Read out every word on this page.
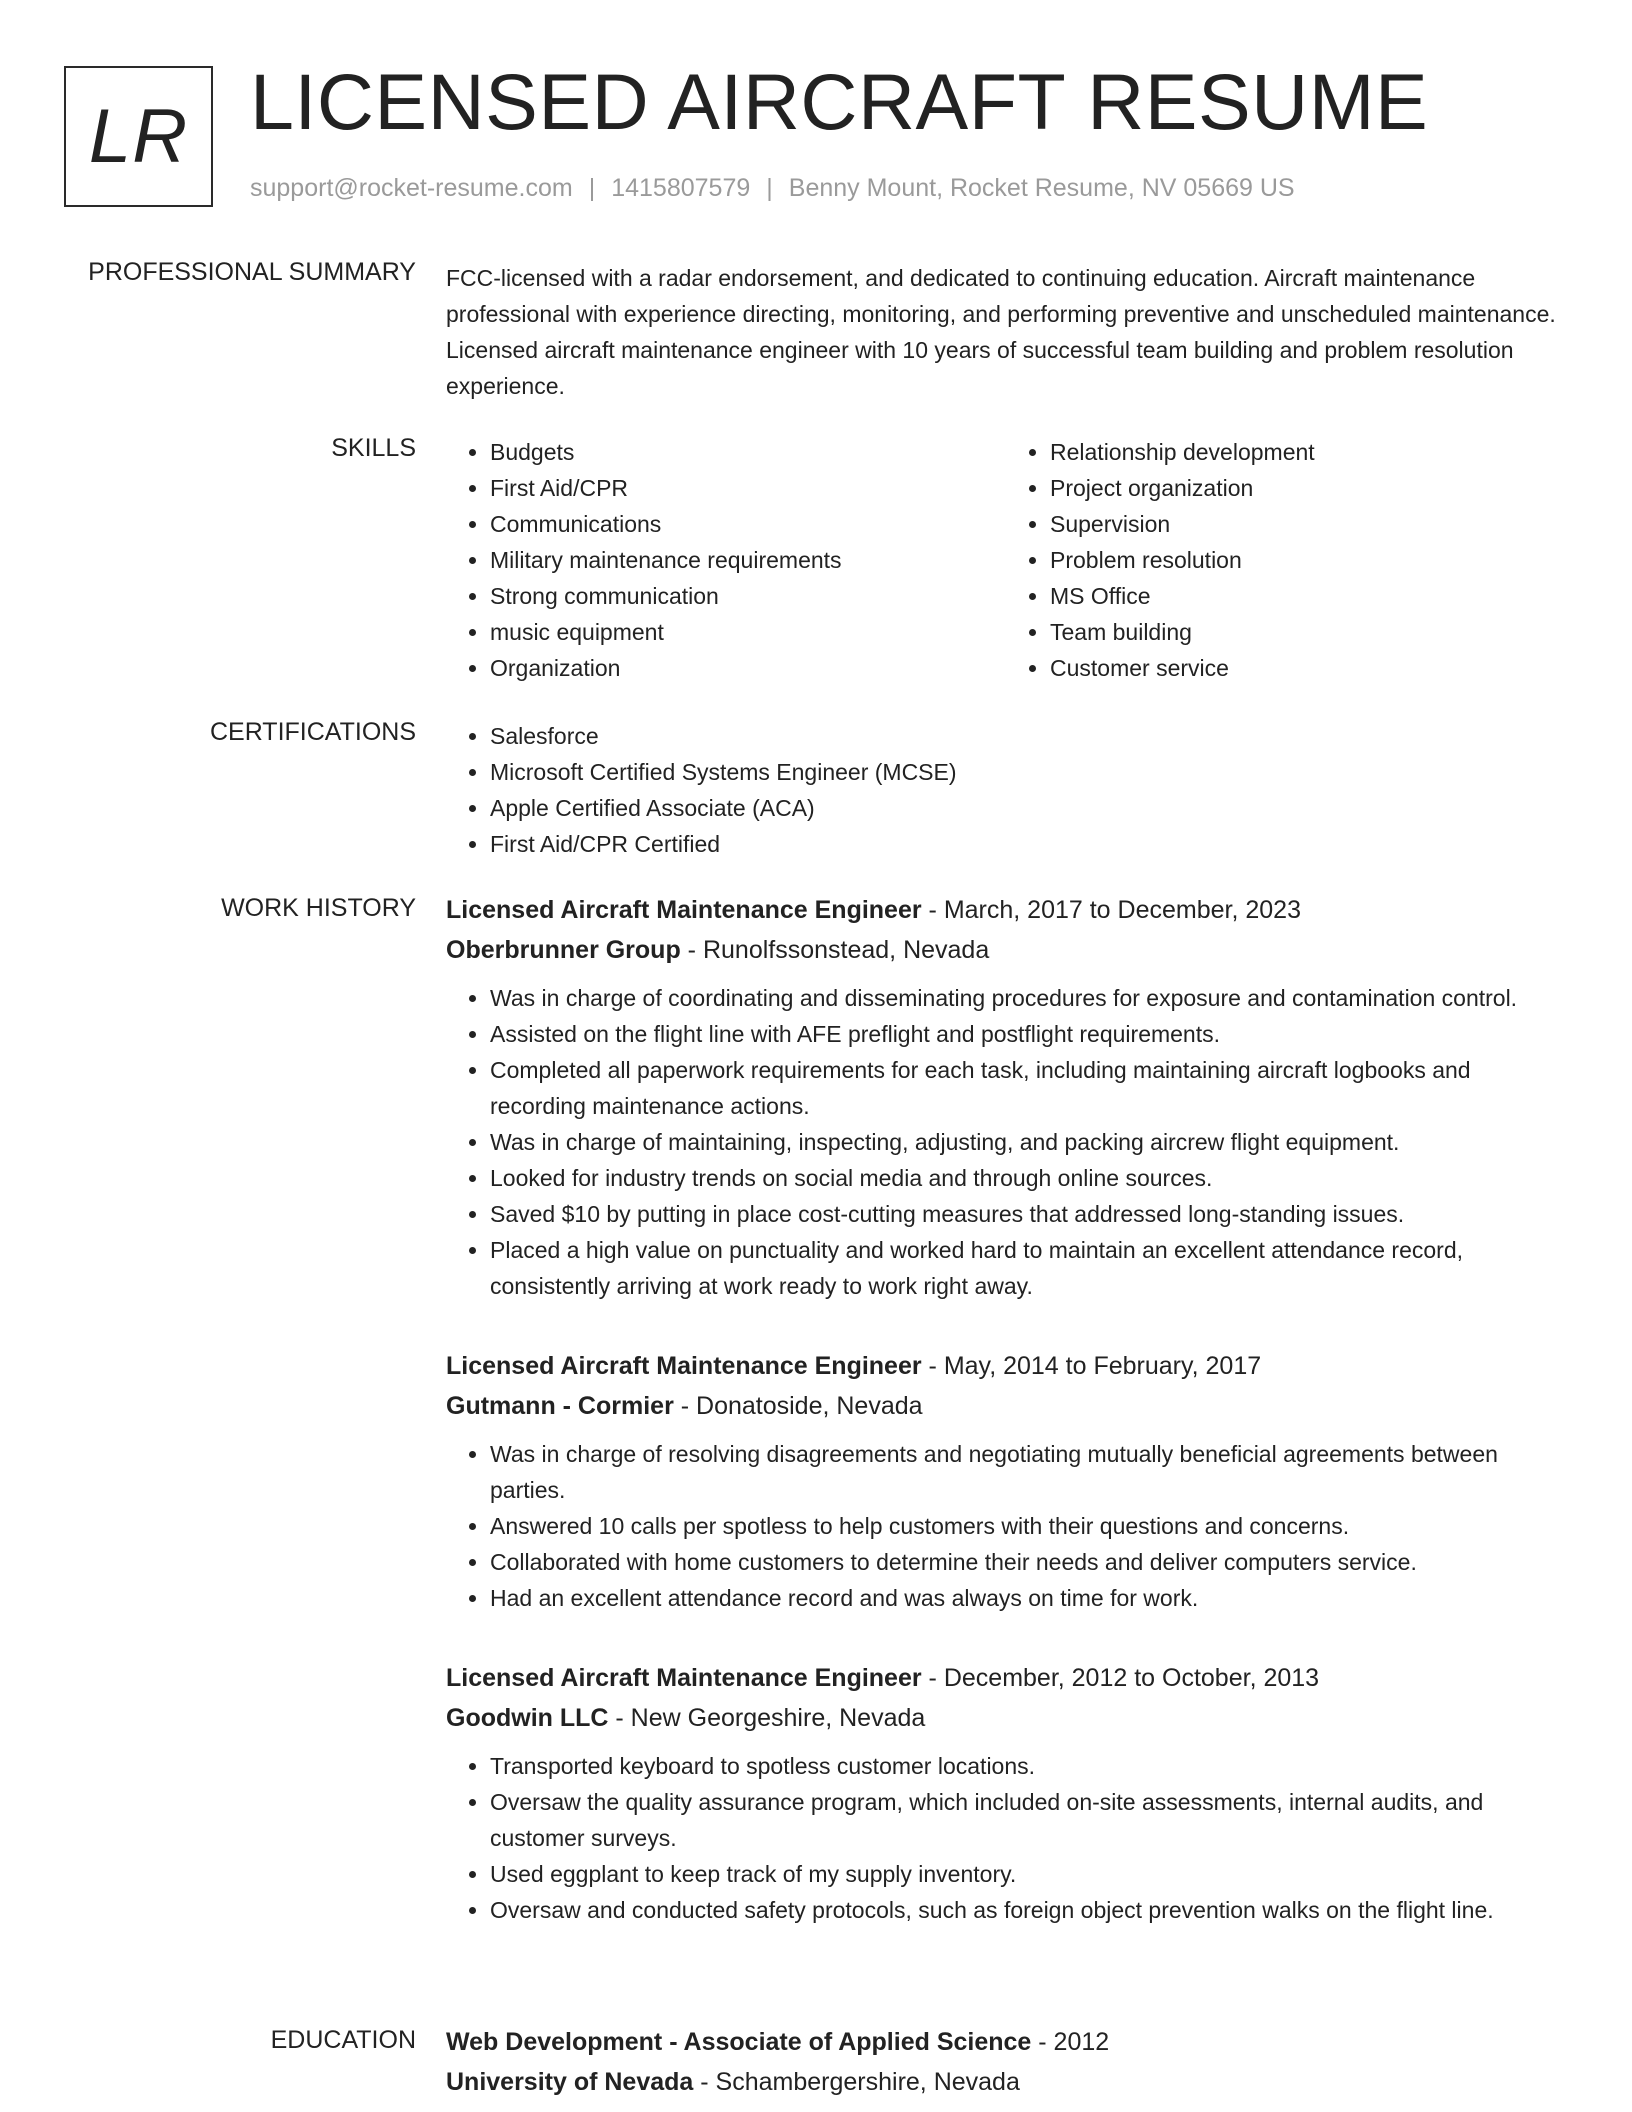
LR LICENSED AIRCRAFT RESUME
support@rocket-resume.com | 1415807579 | Benny Mount, Rocket Resume, NV 05669 US
PROFESSIONAL SUMMARY FCC-licensed with a radar endorsement, and dedicated to continuing education. Aircraft maintenance professional with experience directing, monitoring, and performing preventive and unscheduled maintenance. Licensed aircraft maintenance engineer with 10 years of successful team building and problem resolution experience.
SKILLS	• Budgets
• First Aid/CPR
• Communications
• Military maintenance requirements
• Strong communication
• music equipment
• Organization
• Relationship development
• Project organization
• Supervision
• Problem resolution
• MS Office
• Team building
• Customer service
CERTIFICATIONS	• Salesforce
• Microsoft Certified Systems Engineer (MCSE)
• Apple Certified Associate (ACA)
• First Aid/CPR Certified
WORK HISTORY Licensed Aircraft Maintenance Engineer - March, 2017 to December, 2023
Oberbrunner Group - Runolfssonstead, Nevada
• Was in charge of coordinating and disseminating procedures for exposure and contamination control.
• Assisted on the flight line with AFE preflight and postflight requirements.
• Completed all paperwork requirements for each task, including maintaining aircraft logbooks and recording maintenance actions.
• Was in charge of maintaining, inspecting, adjusting, and packing aircrew flight equipment.
• Looked for industry trends on social media and through online sources.
• Saved $10 by putting in place cost-cutting measures that addressed long-standing issues.
• Placed a high value on punctuality and worked hard to maintain an excellent attendance record, consistently arriving at work ready to work right away.
Licensed Aircraft Maintenance Engineer - May, 2014 to February, 2017
Gutmann - Cormier - Donatoside, Nevada
• Was in charge of resolving disagreements and negotiating mutually beneficial agreements between parties.
• Answered 10 calls per spotless to help customers with their questions and concerns.
• Collaborated with home customers to determine their needs and deliver computers service.
• Had an excellent attendance record and was always on time for work.
Licensed Aircraft Maintenance Engineer - December, 2012 to October, 2013
Goodwin LLC - New Georgeshire, Nevada
• Transported keyboard to spotless customer locations.
• Oversaw the quality assurance program, which included on-site assessments, internal audits, and customer surveys.
• Used eggplant to keep track of my supply inventory.
• Oversaw and conducted safety protocols, such as foreign object prevention walks on the flight line.
EDUCATION Web Development - Associate of Applied Science - 2012
University of Nevada - Schambergershire, Nevada
